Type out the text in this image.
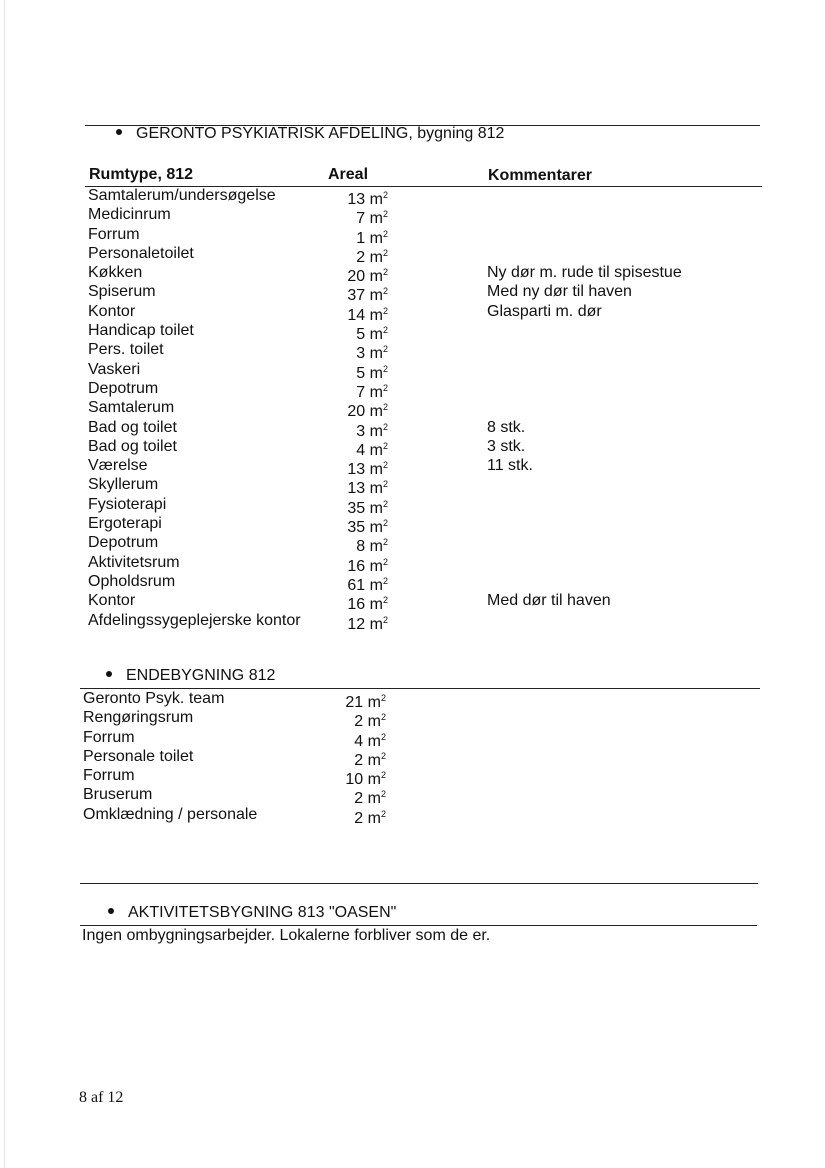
GERONTO PSYKIATRISK AFDELING, bygning 812
Rumtype, 812	Areal	Kommentarer
Samtalerum/undersøgelse	13 $m^2$
Medicinrum	7 $m^2$
Forrum	1 $m^2$
Personaletoilet	2 $m^2$
Køkken	20 $m^2$	Ny dør m. rude til spisestue
Spiserum	37 $m^2$	Med ny dør til haven
Kontor	14 $m^2$	Glasparti m. dør
Handicap toilet	5 $m^2$
Pers. toilet	3 $m^2$
Vaskeri	5 $m^2$
Depotrum	7 $m^2$
Samtalerum	20 $m^2$
Bad og toilet	3 $m^2$	8 stk.
Bad og toilet	4 $m^2$	3 stk.
Værelse	13 $m^2$	11 stk.
Skyllerum	13 $m^2$
Fysioterapi	35 $m^2$
Ergoterapi	35 $m^2$
Depotrum	8 $m^2$
Aktivitetsrum	16 $m^2$
Opholdsrum	61 $m^2$
Kontor	16 $m^2$	Med dør til haven
Afdelingssygeplejerske kontor	12 $m^2$
ENDEBYGNING 812
Geronto Psyk. team	21 $m^2$
Rengøringsrum	2 $m^2$
Forrum	4 $m^2$
Personale toilet	2 $m^2$
Forrum	10 $m^2$
Bruserum	2 $m^2$
Omklædning / personale	2 $m^2$
AKTIVITETSBYGNING 813 "OASEN"
Ingen ombygningsarbejder. Lokalerne forbliver som de er.
8 af 12
